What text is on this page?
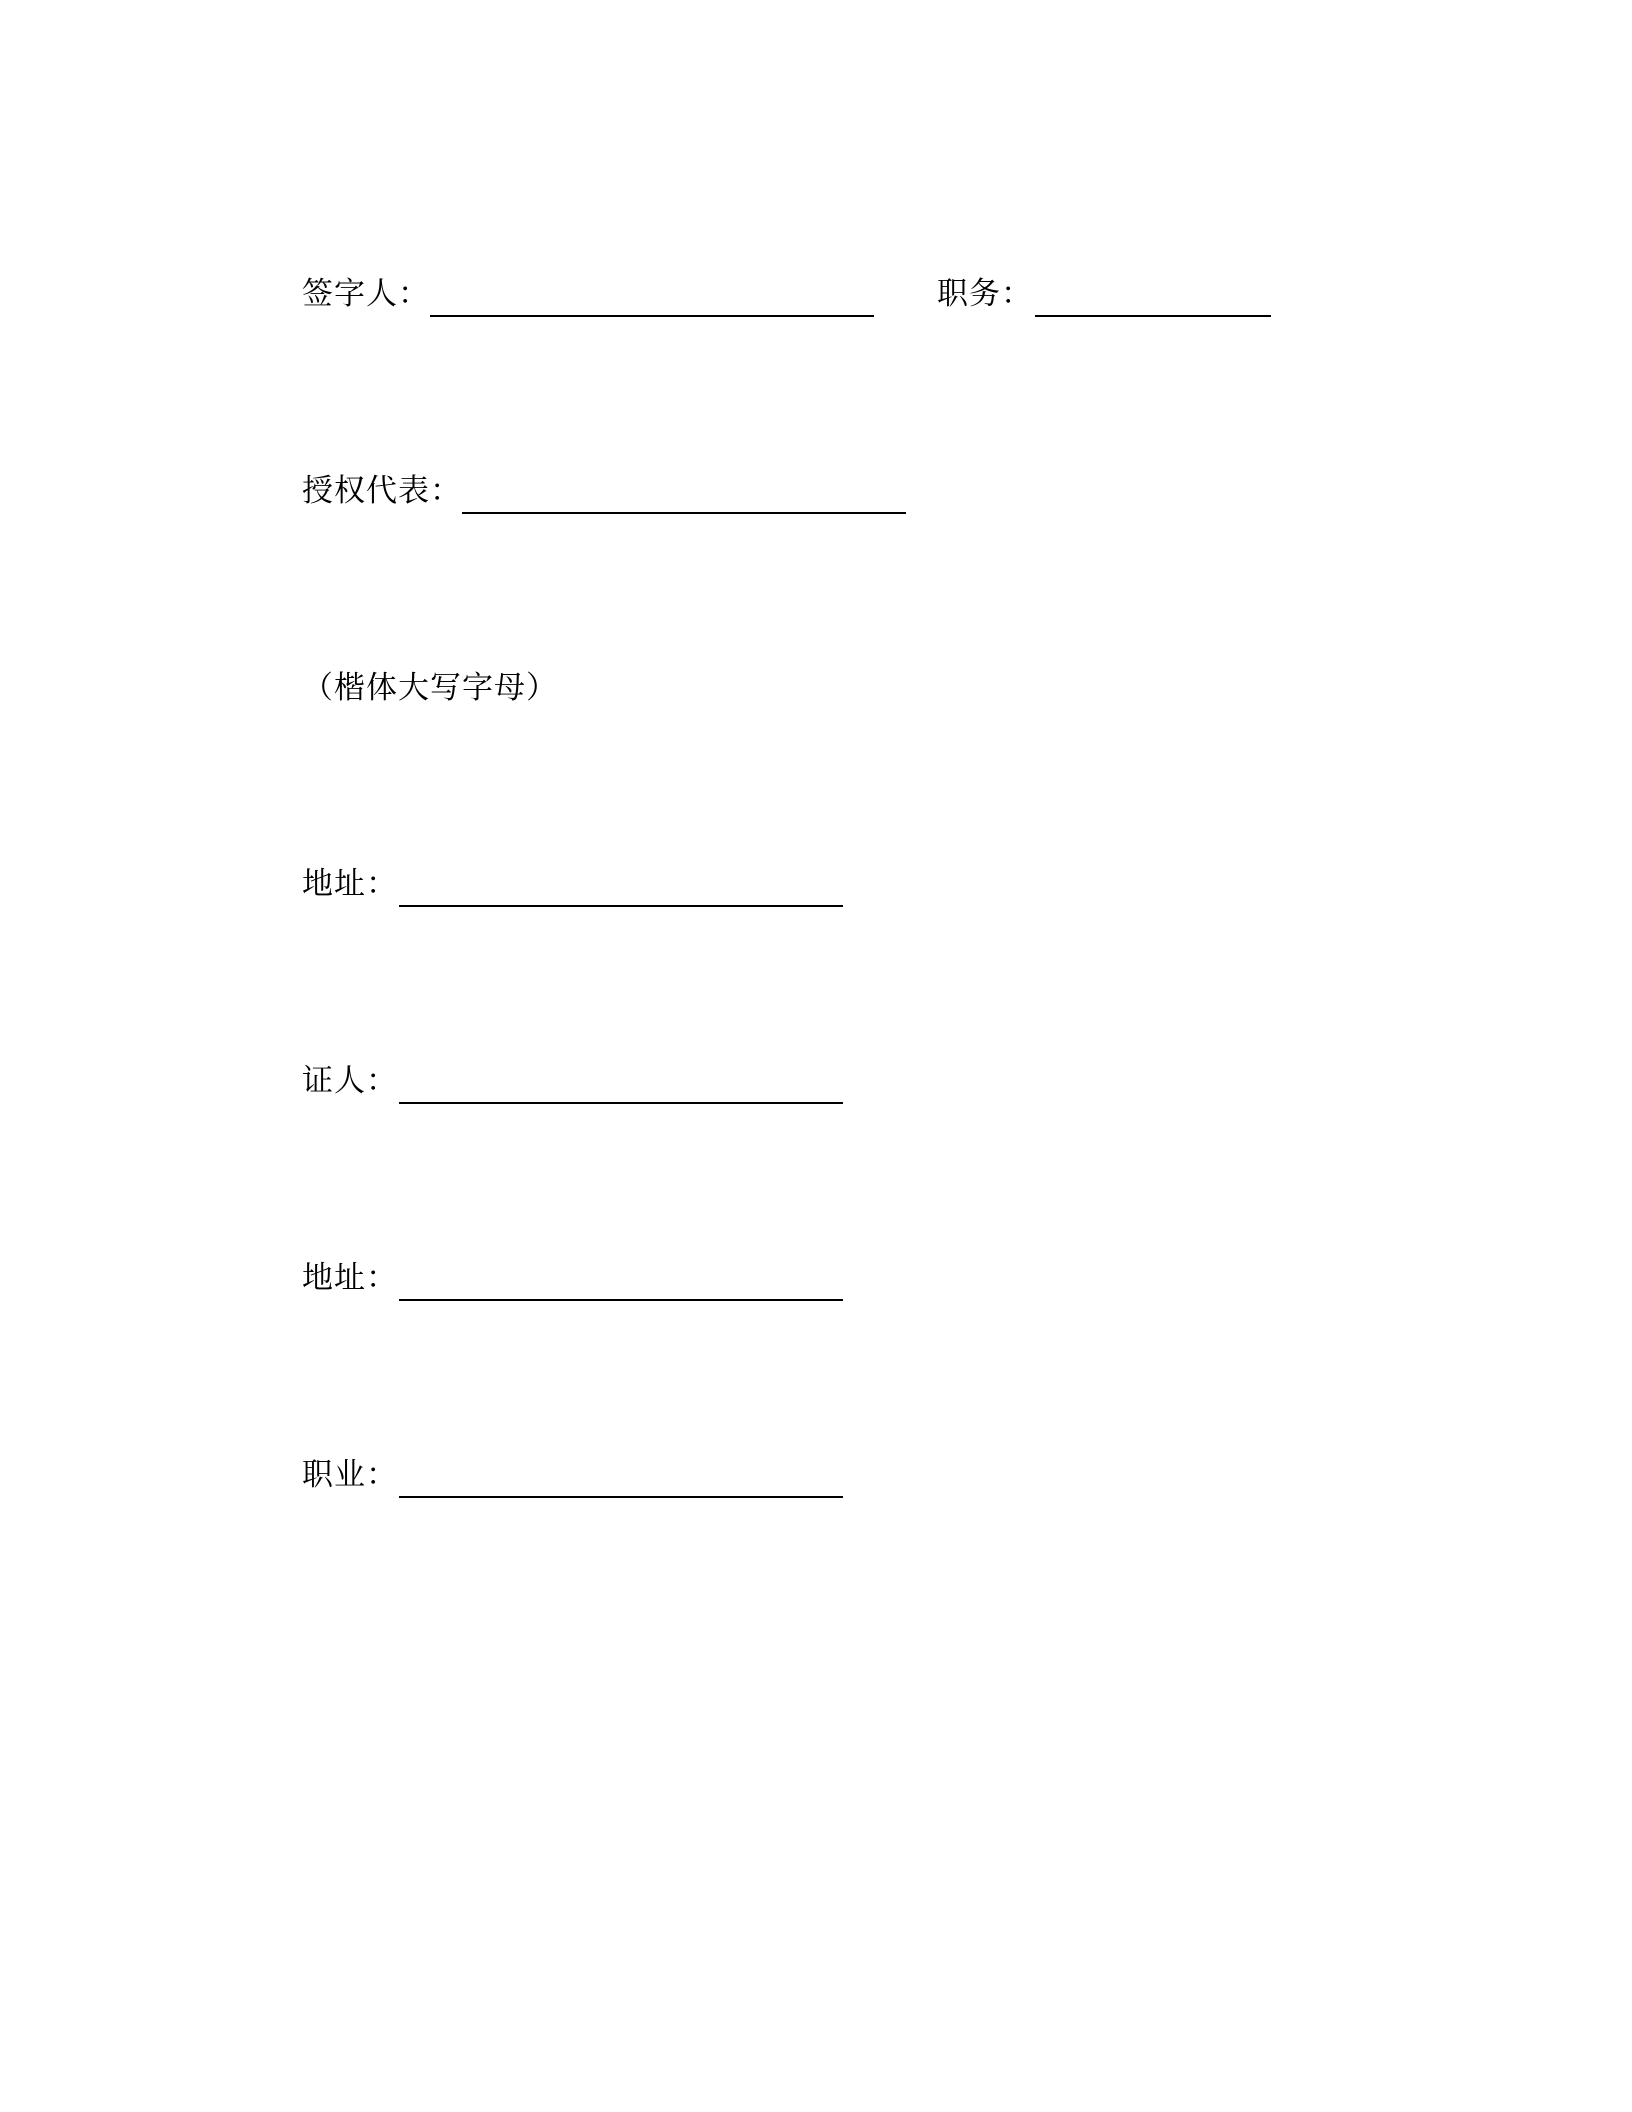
签字人：	职务：
授权代表：
（楷体大写字母）
地址：
证人：
地址：
职业：
